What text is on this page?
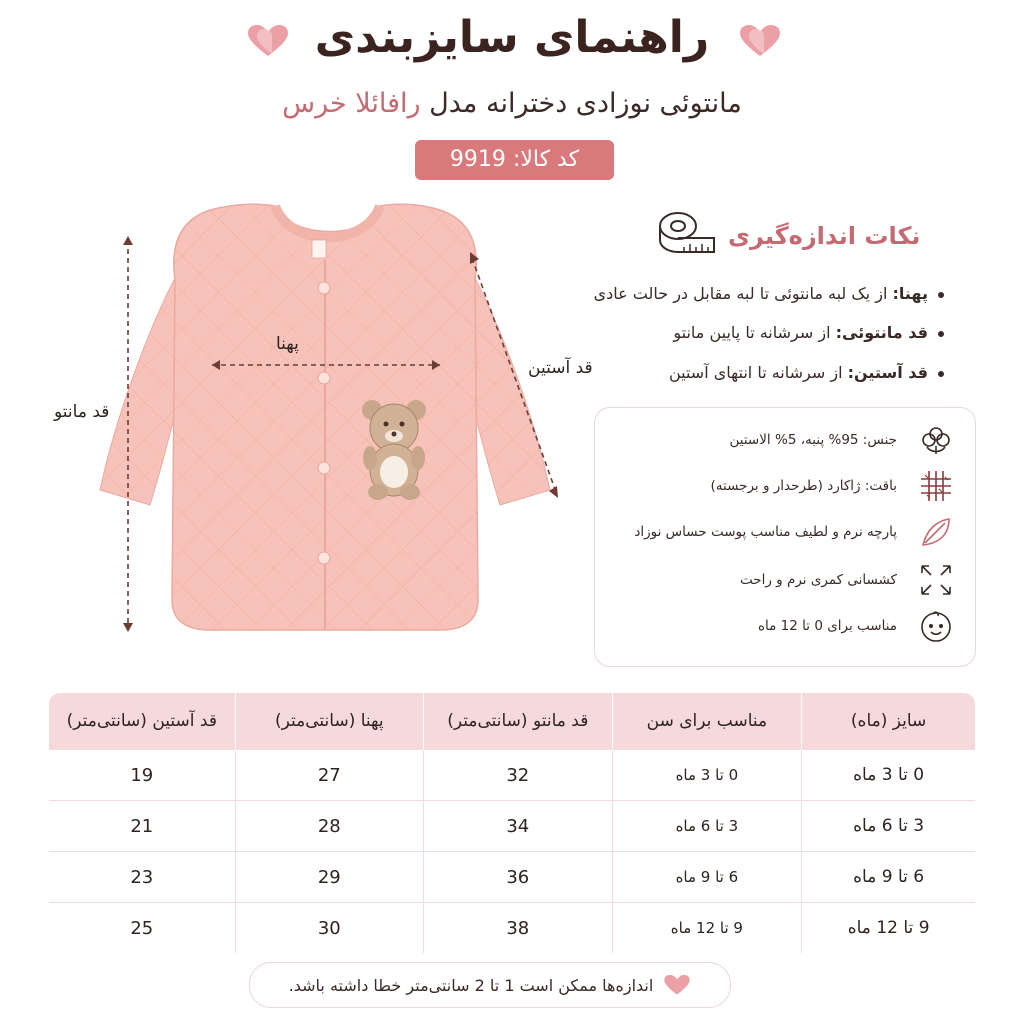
راهنمای سایزبندی
مانتوئی نوزادی دخترانه مدل رافائلا خرس
کد کالا: 9919
پهنا
قد آستین
قد مانتو
نکات اندازه‌گیری
پهنا: از یک لبه مانتوئی تا لبه مقابل در حالت عادی
قد مانتوئی: از سرشانه تا پایین مانتو
قد آستین: از سرشانه تا انتهای آستین
جنس: 95% پنبه، 5% الاستین
باقت: ژاکارد (طرحدار و برجسته)
پارچه نرم و لطیف مناسب پوست حساس نوزاد
کشسانی کمری نرم و راحت
مناسب برای 0 تا 12 ماه
سایز (ماه)	مناسب برای سن	قد مانتو (سانتی‌متر)	پهنا (سانتی‌متر)	قد آستین (سانتی‌متر)
0 تا 3 ماه	0 تا 3 ماه	32	27	19
3 تا 6 ماه	3 تا 6 ماه	34	28	21
6 تا 9 ماه	6 تا 9 ماه	36	29	23
9 تا 12 ماه	9 تا 12 ماه	38	30	25
اندازه‌ها ممکن است 1 تا 2 سانتی‌متر خطا داشته باشد.
